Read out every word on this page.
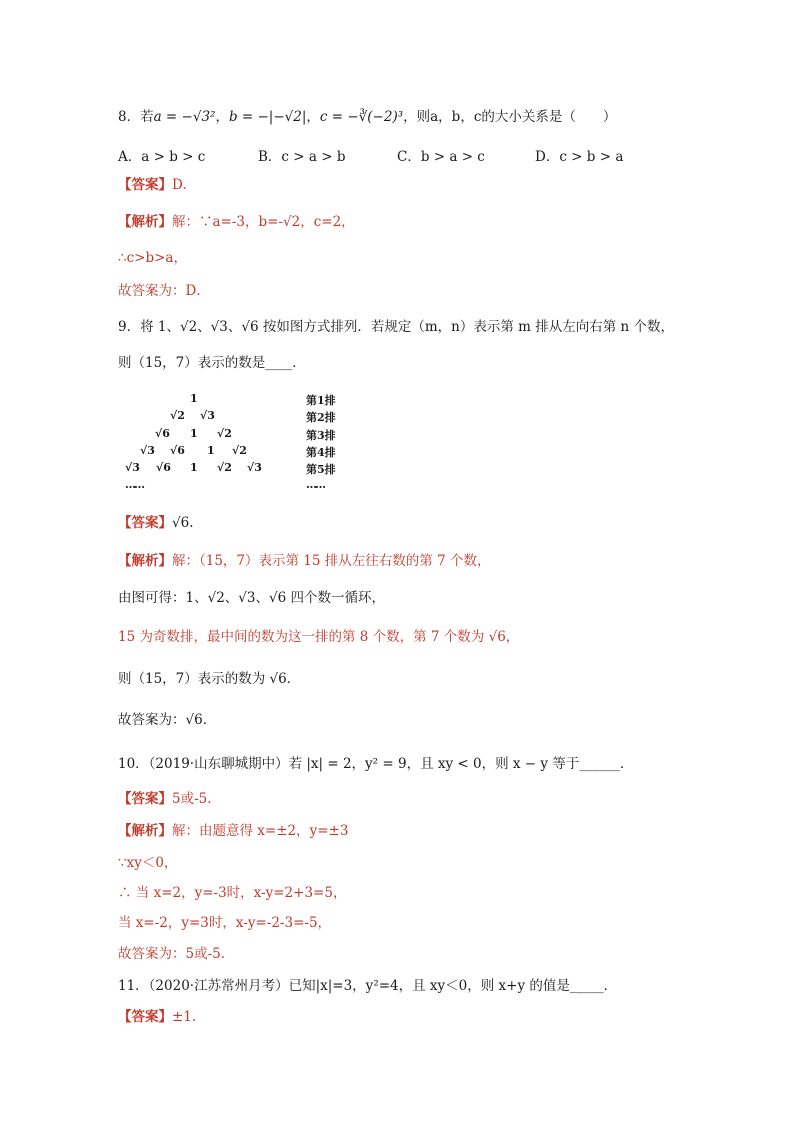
8．若a = −√3²，b = −|−√2|，c = −∛(−2)³，则a，b，c的大小关系是（　　）
A．a > b > c	B．c > a > b	C．b > a > c	D．c > b > a
【答案】D.
【解析】解：∵a=-3，b=-√2，c=2，
∴c>b>a，
故答案为：D．
9．将 1、√2、√3、√6 按如图方式排列．若规定（m，n）表示第 m 排从左向右第 n 个数，
则（15，7）表示的数是____．
1
√2 √3
√6 1 √2
√3 √6 1 √2
√3 √6 1 √2 √3
……
第1排
第2排
第3排
第4排
第5排
……
【答案】√6.
【解析】解：（15，7）表示第 15 排从左往右数的第 7 个数，
由图可得：1、√2、√3、√6 四个数一循环，
15 为奇数排，最中间的数为这一排的第 8 个数，第 7 个数为 √6，
则（15，7）表示的数为 √6．
故答案为：√6．
10．（2019·山东聊城期中）若 |x| = 2，y² = 9，且 xy < 0，则 x − y 等于______．
【答案】5或-5.
【解析】解：由题意得 x=±2，y=±3
∵xy＜0，
∴ 当 x=2，y=-3时，x-y=2+3=5，
当 x=-2，y=3时，x-y=-2-3=-5，
故答案为：5或-5.
11．（2020·江苏常州月考）已知|x|=3，y²=4，且 xy＜0，则 x+y 的值是_____．
【答案】±1.
